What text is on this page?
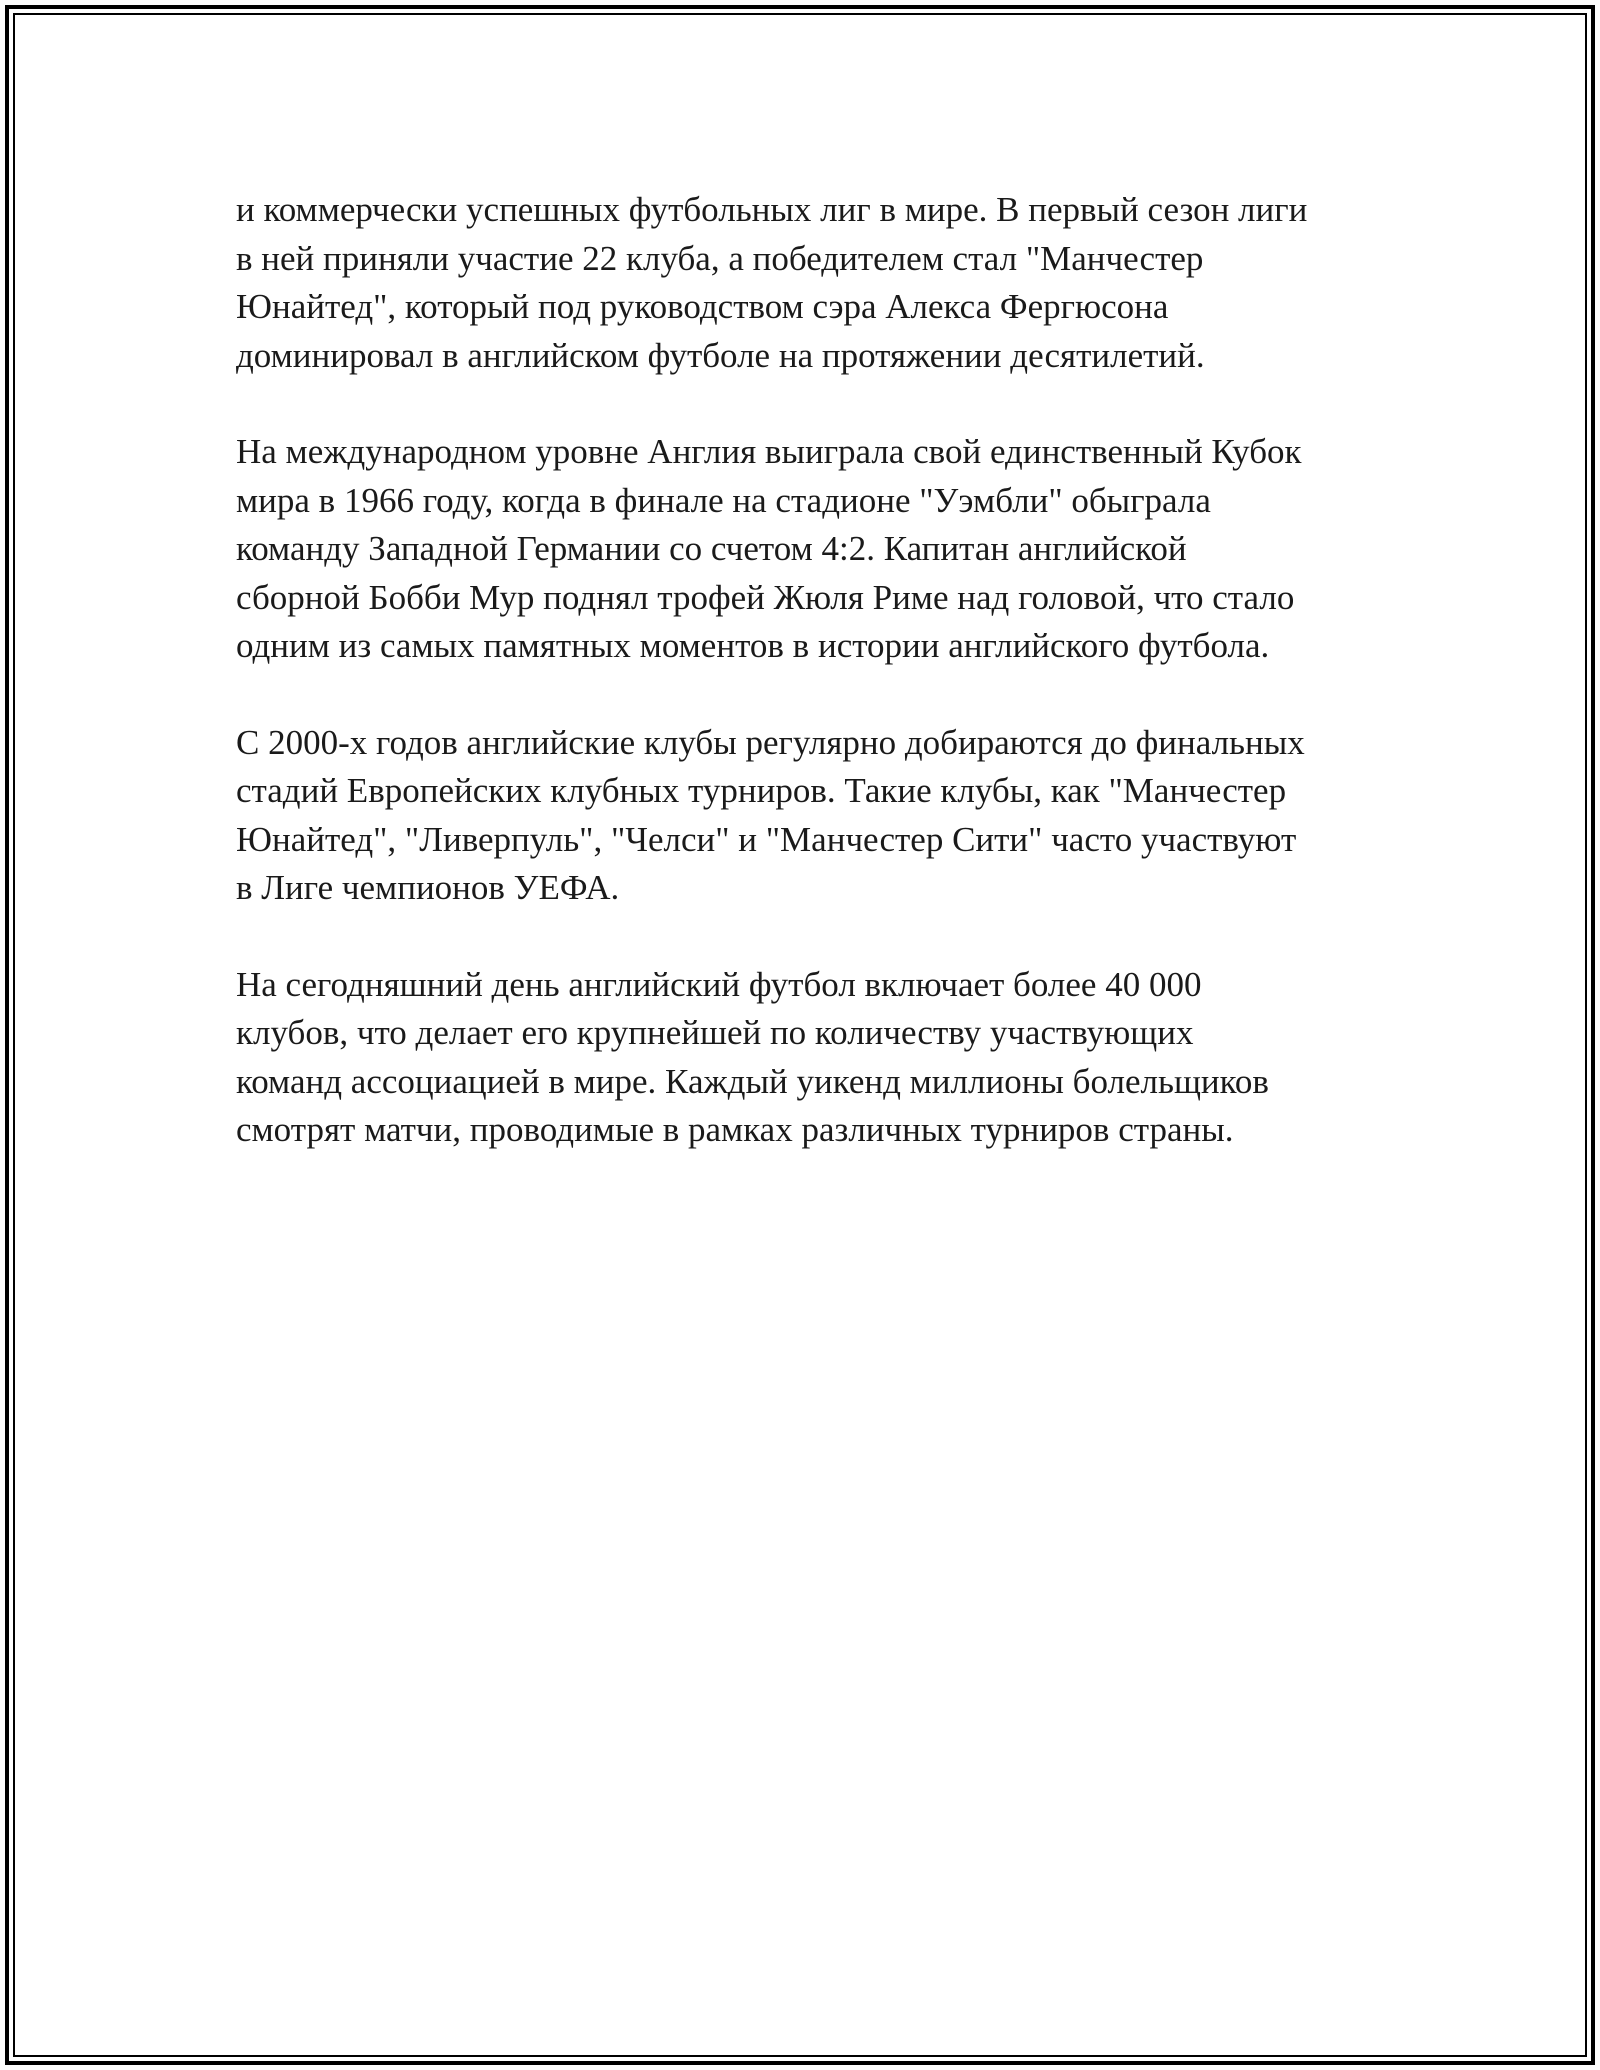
и коммерчески успешных футбольных лиг в мире. В первый сезон лиги
в ней приняли участие 22 клуба, а победителем стал "Манчестер
Юнайтед", который под руководством сэра Алекса Фергюсона
доминировал в английском футболе на протяжении десятилетий.

На международном уровне Англия выиграла свой единственный Кубок
мира в 1966 году, когда в финале на стадионе "Уэмбли" обыграла
команду Западной Германии со счетом 4:2. Капитан английской
сборной Бобби Мур поднял трофей Жюля Риме над головой, что стало
одним из самых памятных моментов в истории английского футбола.

С 2000-х годов английские клубы регулярно добираются до финальных
стадий Европейских клубных турниров. Такие клубы, как "Манчестер
Юнайтед", "Ливерпуль", "Челси" и "Манчестер Сити" часто участвуют
в Лиге чемпионов УЕФА.

На сегодняшний день английский футбол включает более 40 000
клубов, что делает его крупнейшей по количеству участвующих
команд ассоциацией в мире. Каждый уикенд миллионы болельщиков
смотрят матчи, проводимые в рамках различных турниров страны.
